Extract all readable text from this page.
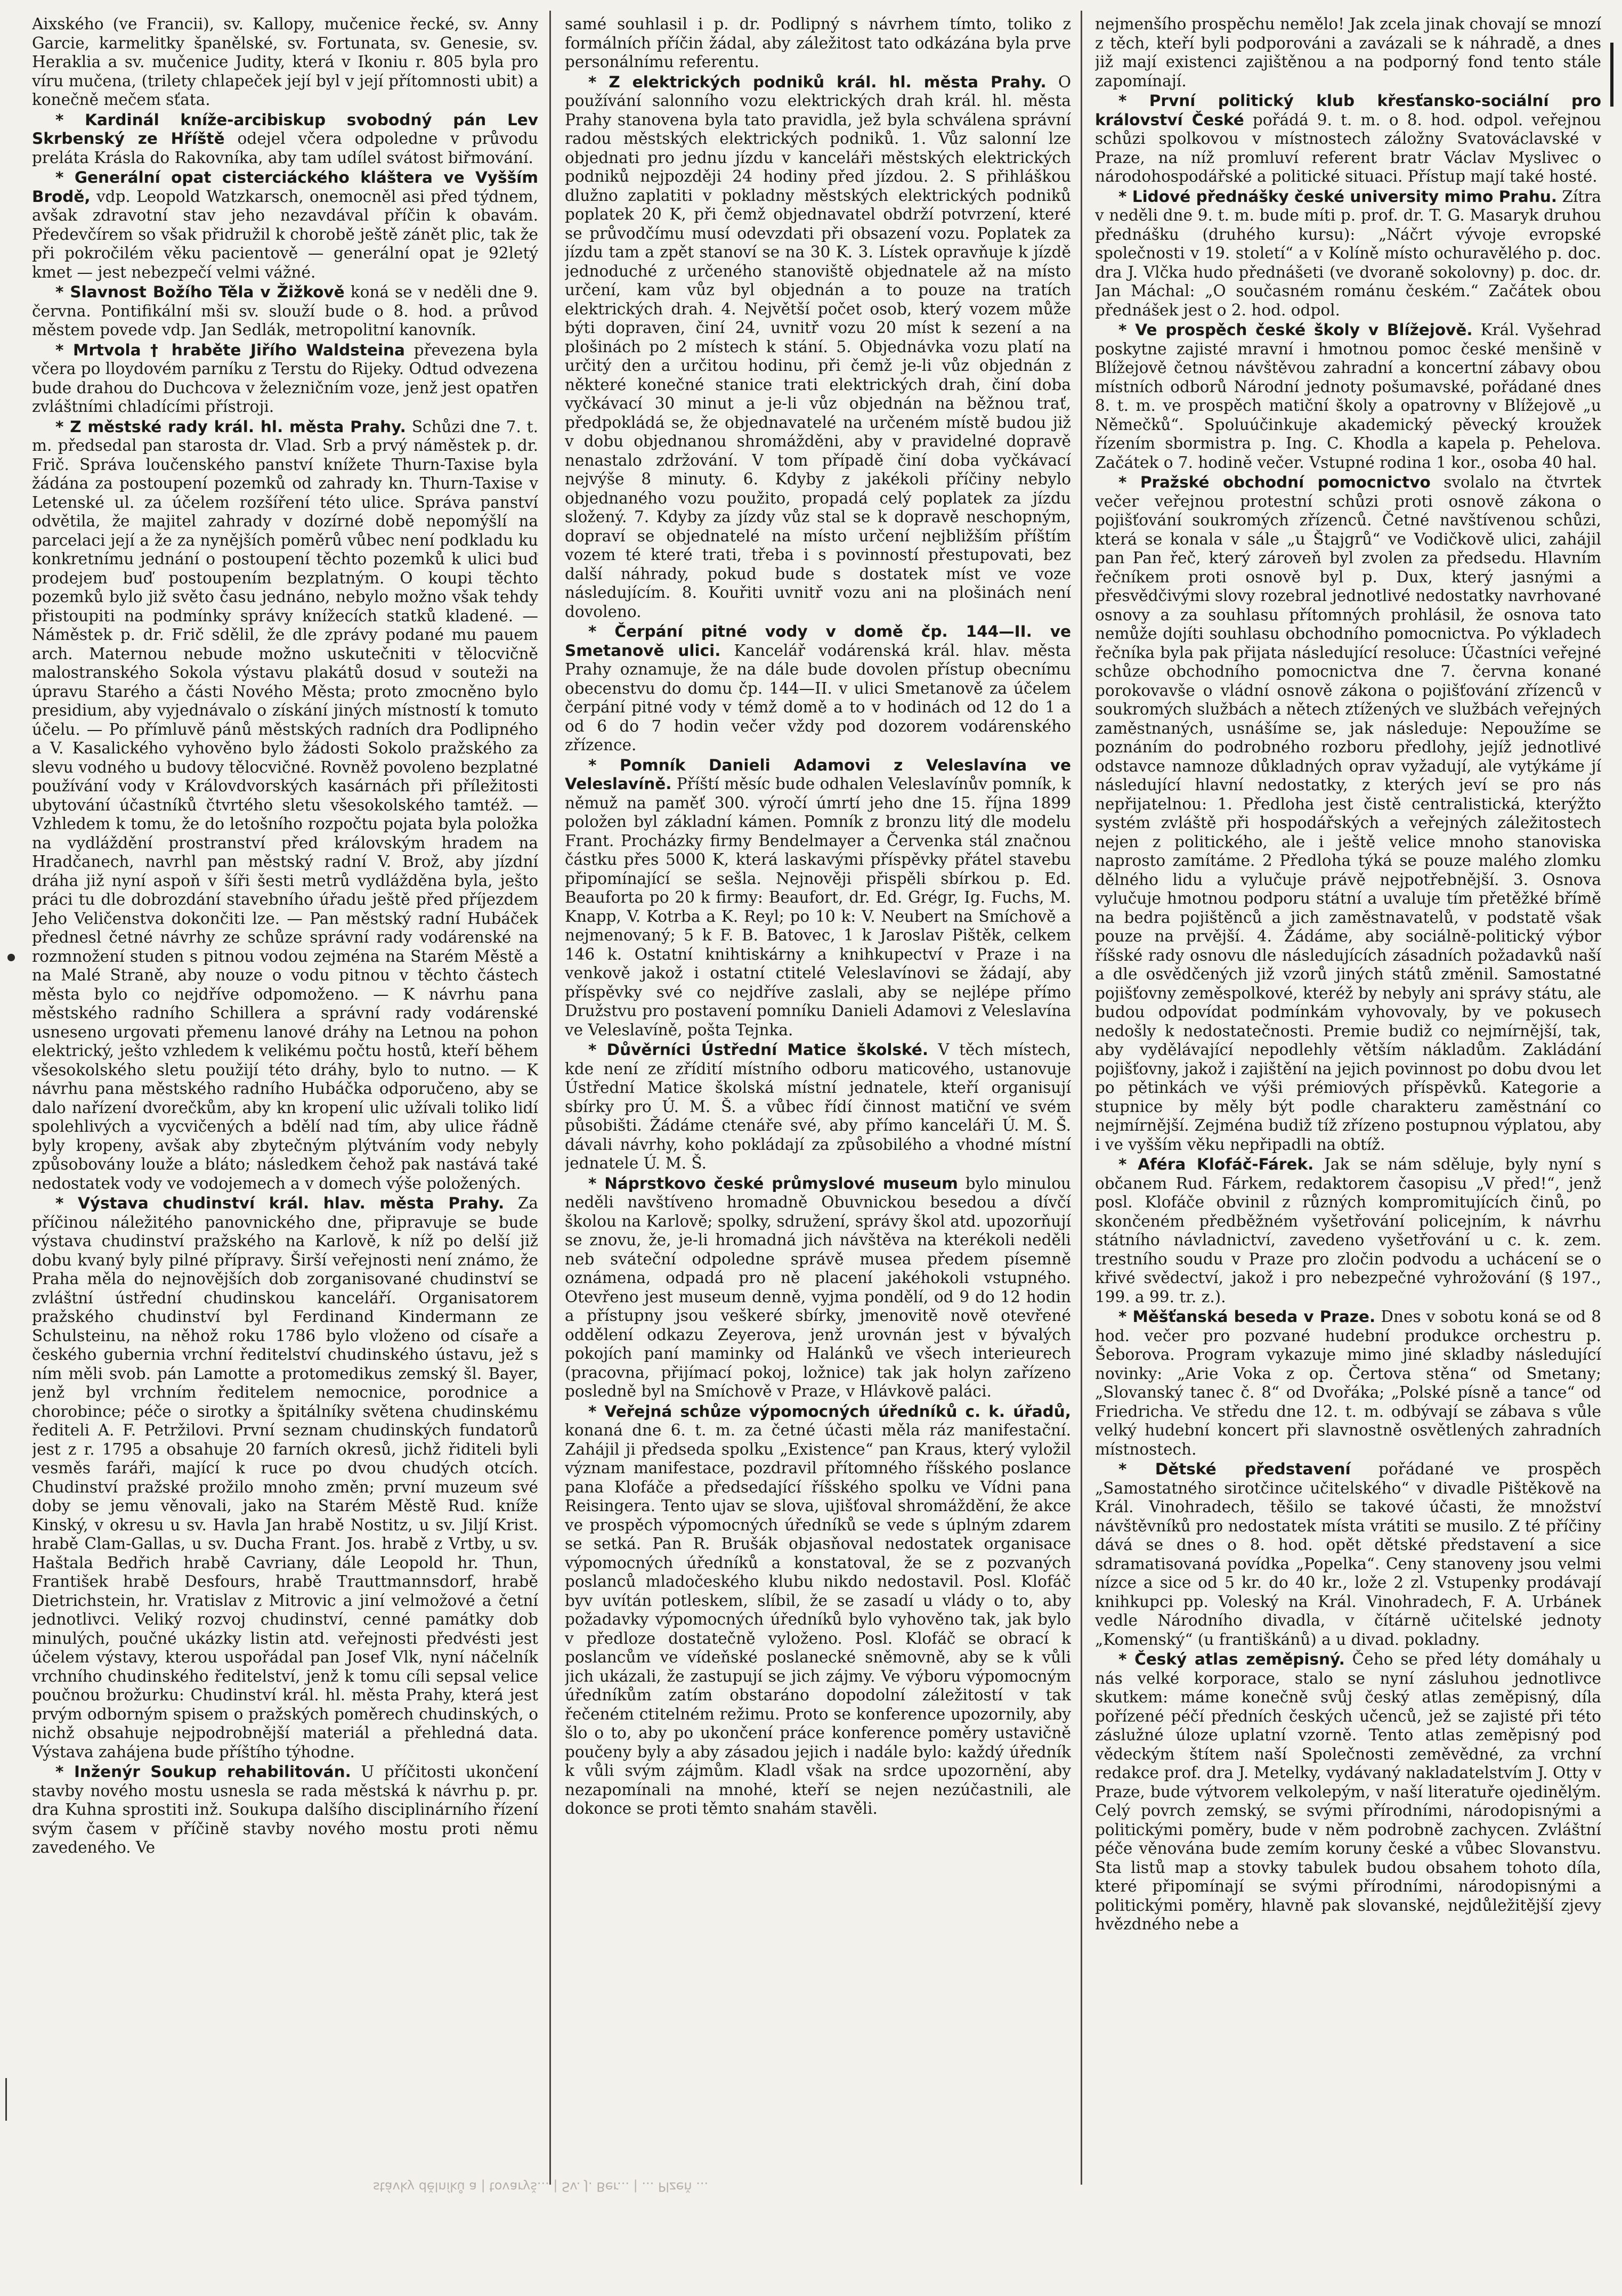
Aixského (ve Francii), sv. Kallopy, mučenice řecké, sv. Anny Garcie, karmelitky španělské, sv. Fortunata, sv. Genesie, sv. Heraklia a sv. mučenice Judity, která v Ikoniu r. 805 byla pro víru mučena, (trilety chlapeček její byl v její přítomnosti ubit) a konečně mečem sťata.

* Kardinál kníže-arcibiskup svobodný pán Lev Skrbenský ze Hříště odejel včera odpoledne v průvodu preláta Krásla do Rakovníka, aby tam udílel svátost biřmování.

* Generální opat cisterciáckého kláštera ve Vyšším Brodě, vdp. Leopold Watzkarsch, onemocněl asi před týdnem, avšak zdravotní stav jeho nezavdával příčin k obavám. Předevčírem so však přidružil k chorobě ještě zánět plic, tak že při pokročilém věku pacientově — generální opat je 92letý kmet — jest nebezpečí velmi vážné.

* Slavnost Božího Těla v Žižkově koná se v neděli dne 9. června. Pontifikální mši sv. slouží bude o 8. hod. a průvod městem povede vdp. Jan Sedlák, metropolitní kanovník.

* Mrtvola † hraběte Jiřího Waldsteina převezena byla včera po lloydovém parníku z Terstu do Rijeky. Odtud odvezena bude drahou do Duchcova v železničním voze, jenž jest opatřen zvláštními chladícími přístroji.

* Z městské rady král. hl. města Prahy. Schůzi dne 7. t. m. předsedal pan starosta dr. Vlad. Srb a prvý náměstek p. dr. Frič. Správa loučenského panství knížete Thurn-Taxise byla žádána za postoupení pozemků od zahrady kn. Thurn-Taxise v Letenské ul. za účelem rozšíření této ulice. Správa panství odvětila, že majitel zahrady v dozírné době nepomýšlí na parcelaci její a že za nynějších poměrů vůbec není podkladu ku konkretnímu jednání o postoupení těchto pozemků k ulici buď prodejem buď postoupením bezplatným. O koupi těchto pozemků bylo již světo času jednáno, nebylo možno však tehdy přistoupiti na podmínky správy knížecích statků kladené. — Náměstek p. dr. Frič sdělil, že dle zprávy podané mu pauem arch. Maternou nebude možno uskutečniti v tělocvičně malostranského Sokola výstavu plakátů dosud v souteži na úpravu Starého a části Nového Města; proto zmocněno bylo presidium, aby vyjednávalo o získání jiných místností k tomuto účelu. — Po přímluvě pánů městských radních dra Podlipného a V. Kasalického vyhověno bylo žádosti Sokolo pražského za slevu vodného u budovy tělocvičné. Rovněž povoleno bezplatné používání vody v Královdvorských kasárnách při příležitosti ubytování účastníků čtvrtého sletu všesokolského tamtéž. — Vzhledem k tomu, že do letošního rozpočtu pojata byla položka na vydláždění prostranství před královským hradem na Hradčanech, navrhl pan městský radní V. Brož, aby jízdní dráha již nyní aspoň v šíři šesti metrů vydlážděna byla, ješto práci tu dle dobrozdání stavebního úřadu ještě před příjezdem Jeho Veličenstva dokončiti lze. — Pan městský radní Hubáček přednesl četné návrhy ze schůze správní rady vodárenské na rozmnožení studen s pitnou vodou zejména na Starém Městě a na Malé Straně, aby nouze o vodu pitnou v těchto částech města bylo co nejdříve odpomoženo. — K návrhu pana městského radního Schillera a správní rady vodárenské usneseno urgovati přemenu lanové dráhy na Letnou na pohon elektrický, ješto vzhledem k velikému počtu hostů, kteří během všesokolského sletu použijí této dráhy, bylo to nutno. — K návrhu pana městského radního Hubáčka odporučeno, aby se dalo nařízení dvorečkům, aby kn kropení ulic užívali toliko lidí spolehlivých a vycvičených a bdělí nad tím, aby ulice řádně byly kropeny, avšak aby zbytečným plýtváním vody nebyly způsobovány louže a bláto; následkem čehož pak nastává také nedostatek vody ve vodojemech a v domech výše položených.

* Výstava chudinství král. hlav. města Prahy. Za příčinou náležitého panovnického dne, připravuje se bude výstava chudinství pražského na Karlově, k níž po delší již dobu kvaný byly pilné přípravy. Širší veřejnosti není známo, že Praha měla do nejnovějších dob zorganisované chudinství se zvláštní ústřední chudinskou kanceláří. Organisatorem pražského chudinství byl Ferdinand Kindermann ze Schulsteinu, na něhož roku 1786 bylo vloženo od císaře a českého gubernia vrchní ředitelství chudinského ústavu, jež s ním měli svob. pán Lamotte a protomedikus zemský šl. Bayer, jenž byl vrchním ředitelem nemocnice, porodnice a chorobince; péče o sirotky a špitálníky světena chudinskému řediteli A. F. Petržilovi. První seznam chudinských fundatorů jest z r. 1795 a obsahuje 20 farních okresů, jichž řiditeli byli vesměs faráři, mající k ruce po dvou chudých otcích. Chudinství pražské prožilo mnoho změn; první muzeum své doby se jemu věnovali, jako na Starém Městě Rud. kníže Kinský, v okresu u sv. Havla Jan hrabě Nostitz, u sv. Jiljí Krist. hrabě Clam-Gallas, u sv. Ducha Frant. Jos. hrabě z Vrtby, u sv. Haštala Bedřich hrabě Cavriany, dále Leopold hr. Thun, František hrabě Desfours, hrabě Trauttmannsdorf, hrabě Dietrichstein, hr. Vratislav z Mitrovic a jiní velmožové a četní jednotlivci. Veliký rozvoj chudinství, cenné památky dob minulých, poučné ukázky listin atd. veřejnosti předvésti jest účelem výstavy, kterou uspořádal pan Josef Vlk, nyní náčelník vrchního chudinského ředitelství, jenž k tomu cíli sepsal velice poučnou brožurku: Chudinství král. hl. města Prahy, která jest prvým odborným spisem o pražských poměrech chudinských, o nichž obsahuje nejpodrobnější materiál a přehledná data. Výstava zahájena bude příštího týhodne.

* Inženýr Soukup rehabilitován. U příčitosti ukončení stavby nového mostu usnesla se rada městská k návrhu p. pr. dra Kuhna sprostiti inž. Soukupa dalšího disciplinárního řízení svým časem v příčině stavby nového mostu proti němu zavedeného. Ve

samé souhlasil i p. dr. Podlipný s návrhem tímto, toliko z formálních příčin žádal, aby záležitost tato odkázána byla prve personálnímu referentu.

* Z elektrických podniků král. hl. města Prahy. O používání salonního vozu elektrických drah král. hl. města Prahy stanovena byla tato pravidla, jež byla schválena správní radou městských elektrických podniků. 1. Vůz salonní lze objednati pro jednu jízdu v kanceláři městských elektrických podniků nejpozději 24 hodiny před jízdou. 2. S přihláškou dlužno zaplatiti v pokladny městských elektrických podniků poplatek 20 K, při čemž objednavatel obdrží potvrzení, které se průvodčímu musí odevzdati při obsazení vozu. Poplatek za jízdu tam a zpět stanoví se na 30 K. 3. Lístek opravňuje k jízdě jednoduché z určeného stanoviště objednatele až na místo určení, kam vůz byl objednán a to pouze na tratích elektrických drah. 4. Největší počet osob, který vozem může býti dopraven, činí 24, uvnitř vozu 20 míst k sezení a na plošinách po 2 místech k stání. 5. Objednávka vozu platí na určitý den a určitou hodinu, při čemž je-li vůz objednán z některé konečné stanice trati elektrických drah, činí doba vyčkávací 30 minut a je-li vůz objednán na běžnou trať, předpokládá se, že objednavatelé na určeném místě budou již v dobu objednanou shromážděni, aby v pravidelné dopravě nenastalo zdržování. V tom případě činí doba vyčkávací nejvýše 8 minuty. 6. Kdyby z jakékoli příčiny nebylo objednaného vozu použito, propadá celý poplatek za jízdu složený. 7. Kdyby za jízdy vůz stal se k dopravě neschopným, dopraví se objednatelé na místo určení nejbližším příštím vozem té které trati, třeba i s povinností přestupovati, bez další náhrady, pokud bude s dostatek míst ve voze následujícím. 8. Kouřiti uvnitř vozu ani na plošinách není dovoleno.

* Čerpání pitné vody v domě čp. 144—II. ve Smetanově ulici. Kancelář vodárenská král. hlav. města Prahy oznamuje, že na dále bude dovolen přístup obecnímu obecenstvu do domu čp. 144—II. v ulici Smetanově za účelem čerpání pitné vody v témž domě a to v hodinách od 12 do 1 a od 6 do 7 hodin večer vždy pod dozorem vodárenského zřízence.

* Pomník Danieli Adamovi z Veleslavína ve Veleslavíně. Příští měsíc bude odhalen Veleslavínův pomník, k němuž na paměť 300. výročí úmrtí jeho dne 15. října 1899 položen byl základní kámen. Pomník z bronzu litý dle modelu Frant. Procházky firmy Bendelmayer a Červenka stál značnou částku přes 5000 K, která laskavými příspěvky přátel stavebu připomínající se sešla. Nejnověji přispěli sbírkou p. Ed. Beauforta po 20 k firmy: Beaufort, dr. Ed. Grégr, Ig. Fuchs, M. Knapp, V. Kotrba a K. Reyl; po 10 k: V. Neubert na Smíchově a nejmenovaný; 5 k F. B. Batovec, 1 k Jaroslav Pištěk, celkem 146 k. Ostatní knihtiskárny a knihkupectví v Praze i na venkově jakož i ostatní ctitelé Veleslavínovi se žádají, aby příspěvky své co nejdříve zaslali, aby se nejlépe přímo Družstvu pro postavení pomníku Danieli Adamovi z Veleslavína ve Veleslavíně, pošta Tejnka.

* Důvěrníci Ústřední Matice školské. V těch místech, kde není ze zřídití místního odboru maticového, ustanovuje Ústřední Matice školská místní jednatele, kteří organisují sbírky pro Ú. M. Š. a vůbec řídí činnost matiční ve svém působišti. Žádáme ctenáře své, aby přímo kanceláři Ú. M. Š. dávali návrhy, koho pokládají za způsobilého a vhodné místní jednatele Ú. M. Š.

* Náprstkovo české průmyslové museum bylo minulou neděli navštíveno hromadně Obuvnickou besedou a dívčí školou na Karlově; spolky, sdružení, správy škol atd. upozorňují se znovu, že, je-li hromadná jich návštěva na kterékoli neděli neb sváteční odpoledne správě musea předem písemně oznámena, odpadá pro ně placení jakéhokoli vstupného. Otevřeno jest museum denně, vyjma pondělí, od 9 do 12 hodin a přístupny jsou veškeré sbírky, jmenovitě nově otevřené oddělení odkazu Zeyerova, jenž urovnán jest v bývalých pokojích paní maminky od Halánků ve všech interieurech (pracovna, přijímací pokoj, ložnice) tak jak holyn zařízeno posledně byl na Smíchově v Praze, v Hlávkově paláci.

* Veřejná schůze výpomocných úředníků c. k. úřadů, konaná dne 6. t. m. za četné účasti měla ráz manifestační. Zahájil ji předseda spolku „Existence“ pan Kraus, který vyložil význam manifestace, pozdravil přítomného říšského poslance pana Klofáče a předsedající říšského spolku ve Vídni pana Reisingera. Tento ujav se slova, ujišťoval shromáždění, že akce ve prospěch výpomocných úředníků se vede s úplným zdarem se setká. Pan R. Brušák objasňoval nedostatek organisace výpomocných úředníků a konstatoval, že se z pozvaných poslanců mladočeského klubu nikdo nedostavil. Posl. Klofáč byv uvítán potleskem, slíbil, že se zasadí u vlády o to, aby požadavky výpomocných úředníků bylo vyhověno tak, jak bylo v předloze dostatečně vyloženo. Posl. Klofáč se obrací k poslancům ve vídeňské poslanecké sněmovně, aby se k vůli jich ukázali, že zastupují se jich zájmy. Ve výboru výpomocným úředníkům zatím obstaráno dopodolní záležitostí v tak řečeném ctitelném režimu. Proto se konference upozornily, aby šlo o to, aby po ukončení práce konference poměry ustavičně poučeny byly a aby zásadou jejich i nadále bylo: každý úředník k vůli svým zájmům. Kladl však na srdce upozornění, aby nezapomínali na mnohé, kteří se nejen nezúčastnili, ale dokonce se proti těmto snahám stavěli.

nejmenšího prospěchu nemělo! Jak zcela jinak chovají se mnozí z těch, kteří byli podporováni a zavázali se k náhradě, a dnes již mají existenci zajištěnou a na podporný fond tento stále zapomínají.

* První politický klub křesťansko-sociální pro království České pořádá 9. t. m. o 8. hod. odpol. veřejnou schůzi spolkovou v místnostech záložny Svatováclavské v Praze, na níž promluví referent bratr Václav Myslivec o národohospodářské a politické situaci. Přístup mají také hosté.

* Lidové přednášky české university mimo Prahu. Zítra v neděli dne 9. t. m. bude míti p. prof. dr. T. G. Masaryk druhou přednášku (druhého kursu): „Náčrt vývoje evropské společnosti v 19. století“ a v Kolíně místo ochuravělého p. doc. dra J. Vlčka hudo přednášeti (ve dvoraně sokolovny) p. doc. dr. Jan Máchal: „O současném románu českém.“ Začátek obou přednášek jest o 2. hod. odpol.

* Ve prospěch české školy v Blížejově. Král. Vyšehrad poskytne zajisté mravní i hmotnou pomoc české menšině v Blížejově četnou návštěvou zahradní a koncertní zábavy obou místních odborů Národní jednoty pošumavské, pořádané dnes 8. t. m. ve prospěch matiční školy a opatrovny v Blížejově „u Němečků“. Spoluúčinkuje akademický pěvecký kroužek řízením sbormistra p. Ing. C. Khodla a kapela p. Pehelova. Začátek o 7. hodině večer. Vstupné rodina 1 kor., osoba 40 hal.

* Pražské obchodní pomocnictvo svolalo na čtvrtek večer veřejnou protestní schůzi proti osnově zákona o pojišťování soukromých zřízenců. Četné navštívenou schůzi, která se konala v sále „u Štajgrů“ ve Vodičkově ulici, zahájil pan Pan řeč, který zároveň byl zvolen za předsedu. Hlavním řečníkem proti osnově byl p. Dux, který jasnými a přesvědčivými slovy rozebral jednotlivé nedostatky navrhované osnovy a za souhlasu přítomných prohlásil, že osnova tato nemůže dojíti souhlasu obchodního pomocnictva. Po výkladech řečníka byla pak přijata následující resoluce: Účastníci veřejné schůze obchodního pomocnictva dne 7. června konané porokovavše o vládní osnově zákona o pojišťování zřízenců v soukromých službách a nětech ztížených ve službách veřejných zaměstnaných, usnášíme se, jak následuje: Nepoužíme se poznáním do podrobného rozboru předlohy, jejíž jednotlivé odstavce namnoze důkladných oprav vyžadují, ale vytýkáme jí následující hlavní nedostatky, z kterých jeví se pro nás nepřijatelnou: 1. Předloha jest čistě centralistická, kterýžto systém zvláště při hospodářských a veřejných záležitostech nejen z politického, ale i ještě velice mnoho stanoviska naprosto zamítáme. 2 Předloha týká se pouze malého zlomku dělného lidu a vylučuje právě nejpotřebnější. 3. Osnova vylučuje hmotnou podporu státní a uvaluje tím přetěžké břímě na bedra pojištěnců a jich zaměstnavatelů, v podstatě však pouze na prvější. 4. Žádáme, aby sociálně-politický výbor říšské rady osnovu dle následujících zásadních požadavků naší a dle osvědčených již vzorů jiných států změnil. Samostatné pojišťovny zeměspolkové, kteréž by nebyly ani správy státu, ale budou odpovídat podmínkám vyhovovaly, by ve pokusech nedošly k nedostatečnosti. Premie budiž co nejmírnější, tak, aby vydělávající nepodlehly větším nákladům. Zakládání pojišťovny, jakož i zajištění na jejich povinnost po dobu dvou let po pětinkách ve výši prémiových příspěvků. Kategorie a stupnice by měly být podle charakteru zaměstnání co nejmírnější. Zejména budiž tíž zřízeno postupnou výplatou, aby i ve vyšším věku nepřipadli na obtíž.

* Aféra Klofáč-Fárek. Jak se nám sděluje, byly nyní s občanem Rud. Fárkem, redaktorem časopisu „V před!“, jenž posl. Klofáče obvinil z různých kompromitujících činů, po skončeném předběžném vyšetřování policejním, k návrhu státního návladnictví, zavedeno vyšetřování u c. k. zem. trestního soudu v Praze pro zločin podvodu a uchácení se o křivé svědectví, jakož i pro nebezpečné vyhrožování (§ 197., 199. a 99. tr. z.).

* Měšťanská beseda v Praze. Dnes v sobotu koná se od 8 hod. večer pro pozvané hudební produkce orchestru p. Šeborova. Program vykazuje mimo jiné skladby následující novinky: „Arie Voka z op. Čertova stěna“ od Smetany; „Slovanský tanec č. 8“ od Dvořáka; „Polské písně a tance“ od Friedricha. Ve středu dne 12. t. m. odbývají se zábava s vůle velký hudební koncert při slavnostně osvětlených zahradních místnostech.

* Dětské představení pořádané ve prospěch „Samostatného sirotčince učitelského“ v divadle Pištěkově na Král. Vinohradech, těšilo se takové účasti, že množství návštěvníků pro nedostatek místa vrátiti se musilo. Z té příčiny dává se dnes o 8. hod. opět dětské představení a sice sdramatisovaná povídka „Popelka“. Ceny stanoveny jsou velmi nízce a sice od 5 kr. do 40 kr., lože 2 zl. Vstupenky prodávají knihkupci pp. Voleský na Král. Vinohradech, F. A. Urbánek vedle Národního divadla, v čítárně učitelské jednoty „Komenský“ (u františkánů) a u divad. pokladny.

* Český atlas zeměpisný. Čeho se před léty domáhaly u nás velké korporace, stalo se nyní zásluhou jednotlivce skutkem: máme konečně svůj český atlas zeměpisný, díla pořízené péčí předních českých učenců, jež se zajisté při této záslužné úloze uplatní vzorně. Tento atlas zeměpisný pod vědeckým štítem naší Společnosti zeměvědné, za vrchní redakce prof. dra J. Metelky, vydávaný nakladatelstvím J. Otty v Praze, bude výtvorem velkolepým, v naší literatuře ojedinělým. Celý povrch zemský, se svými přírodními, národopisnými a politickými poměry, bude v něm podrobně zachycen. Zvláštní péče věnována bude zemím koruny české a vůbec Slovanstvu. Sta listů map a stovky tabulek budou obsahem tohoto díla, které připomínají se svými přírodními, národopisnými a politickými poměry, hlavně pak slovanské, nejdůležitější zjevy hvězdného nebe a

stávky dělníků a | tovaryš... | Sv. J. Ber... | ... Plzeň ...
